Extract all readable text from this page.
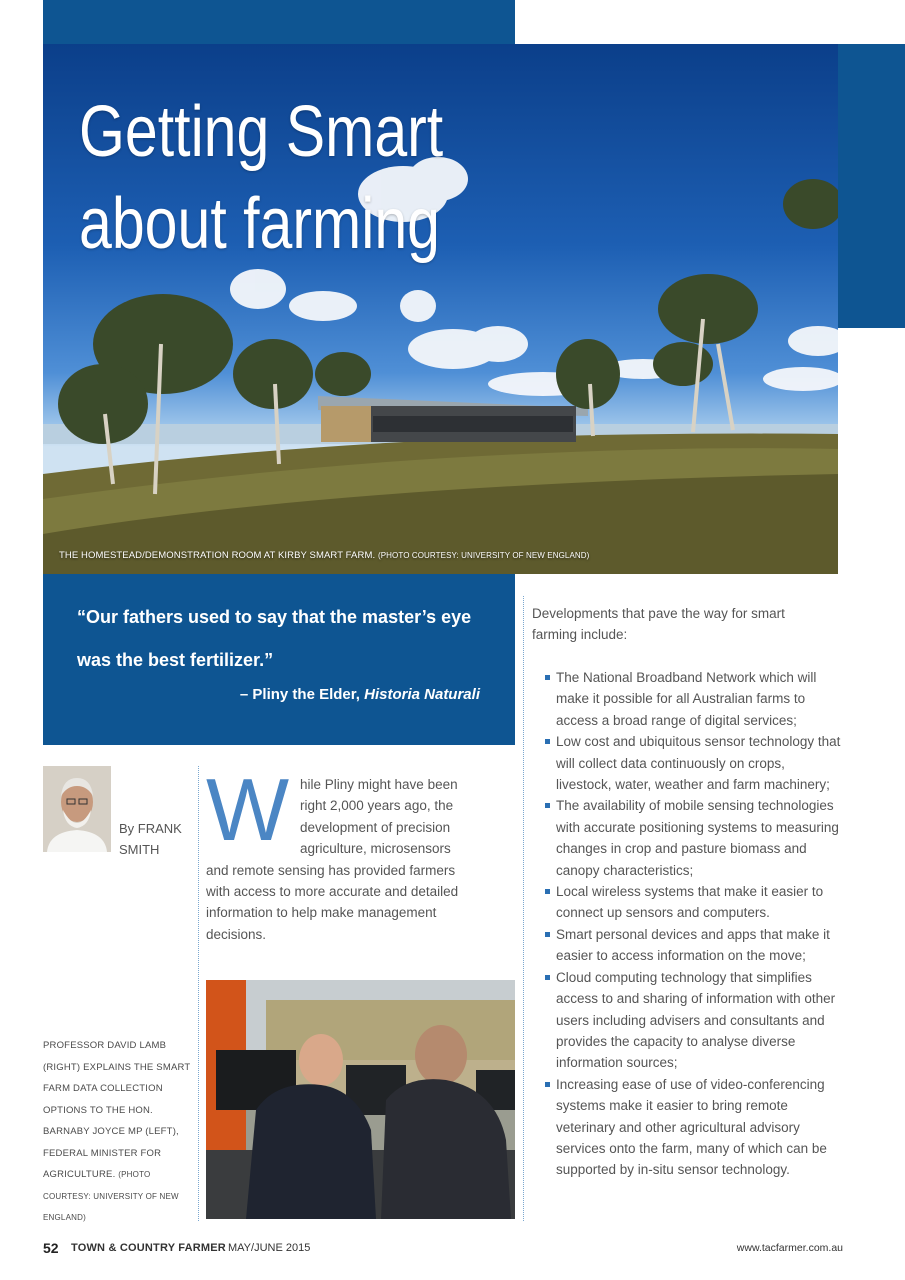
Getting Smart about farming
THE HOMESTEAD/DEMONSTRATION ROOM AT KIRBY SMART FARM. (PHOTO COURTESY: UNIVERSITY OF NEW ENGLAND)
“Our fathers used to say that the master’s eye was the best fertilizer.”
– Pliny the Elder, Historia Naturali
By FRANK
SMITH W hile Pliny might have been
right 2,000 years ago, the
development of precision
agriculture, microsensors
and remote sensing has provided farmers with access to more accurate and detailed information to help make management decisions.
PROFESSOR DAVID LAMB (RIGHT) EXPLAINS THE SMART FARM DATA COLLECTION OPTIONS TO THE HON. BARNABY JOYCE MP (LEFT), FEDERAL MINISTER FOR AGRICULTURE. (PHOTO COURTESY: UNIVERSITY OF NEW ENGLAND)
Developments that pave the way for smart farming include:
The National Broadband Network which will make it possible for all Australian farms to access a broad range of digital services;
Low cost and ubiquitous sensor technology that will collect data continuously on crops, livestock, water, weather and farm machinery;
The availability of mobile sensing technologies with accurate positioning systems to measuring changes in crop and pasture biomass and canopy characteristics;
Local wireless systems that make it easier to connect up sensors and computers.
Smart personal devices and apps that make it easier to access information on the move;
Cloud computing technology that simplifies access to and sharing of information with other users including advisers and consultants and provides the capacity to analyse diverse information sources;
Increasing ease of use of video-conferencing systems make it easier to bring remote veterinary and other agricultural advisory services onto the farm, many of which can be supported by in-situ sensor technology.
52 TOWN & COUNTRY FARMER MAY/JUNE 2015	www.tacfarmer.com.au
